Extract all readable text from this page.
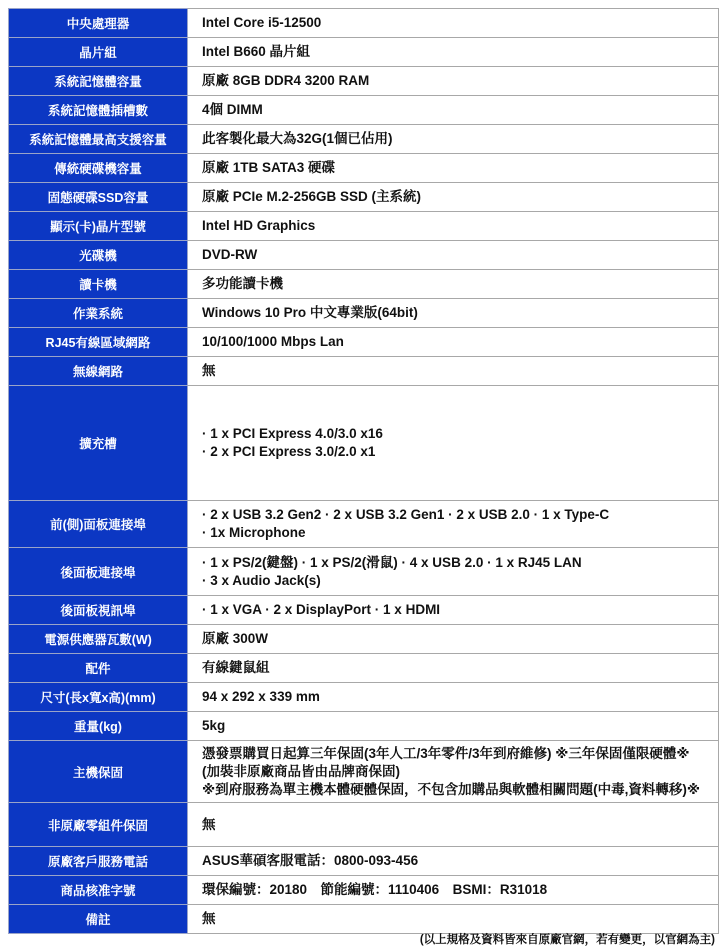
中央處理器	Intel Core i5-12500

晶片組	Intel B660 晶片組

系統記憶體容量	原廠 8GB DDR4 3200 RAM

系統記憶體插槽數	4個 DIMM

系統記憶體最高支援容量	此客製化最大為32G(1個已佔用)

傳統硬碟機容量	原廠 1TB SATA3 硬碟

固態硬碟SSD容量	原廠 PCIe M.2-256GB SSD (主系統)

顯示(卡)晶片型號	Intel HD Graphics

光碟機	DVD-RW

讀卡機	多功能讀卡機

作業系統	Windows 10 Pro 中文專業版(64bit)

RJ45有線區域網路	10/100/1000 Mbps Lan

無線網路	無

擴充槽	· 1 x PCI Express 4.0/3.0 x16
· 2 x PCI Express 3.0/2.0 x1

前(側)面板連接埠	· 2 x USB 3.2 Gen2 · 2 x USB 3.2 Gen1 · 2 x USB 2.0 · 1 x Type-C
· 1x Microphone

後面板連接埠	· 1 x PS/2(鍵盤) · 1 x PS/2(滑鼠) · 4 x USB 2.0 · 1 x RJ45 LAN
· 3 x Audio Jack(s)

後面板視訊埠	· 1 x VGA · 2 x DisplayPort · 1 x HDMI

電源供應器瓦數(W)	原廠 300W

配件	有線鍵鼠組

尺寸(長x寬x高)(mm)	94 x 292 x 339 mm

重量(kg)	5kg

主機保固	憑發票購買日起算三年保固(3年人工/3年零件/3年到府維修) ※三年保固僅限硬體※
(加裝非原廠商品皆由品牌商保固)
※到府服務為單主機本體硬體保固，不包含加購品與軟體相關問題(中毒,資料轉移)※

非原廠零組件保固	無

原廠客戶服務電話	ASUS華碩客服電話：0800-093-456

商品核准字號	環保編號：20180　節能編號：1110406　BSMI：R31018

備註	無
(以上規格及資料皆來自原廠官網，若有變更，以官網為主)
